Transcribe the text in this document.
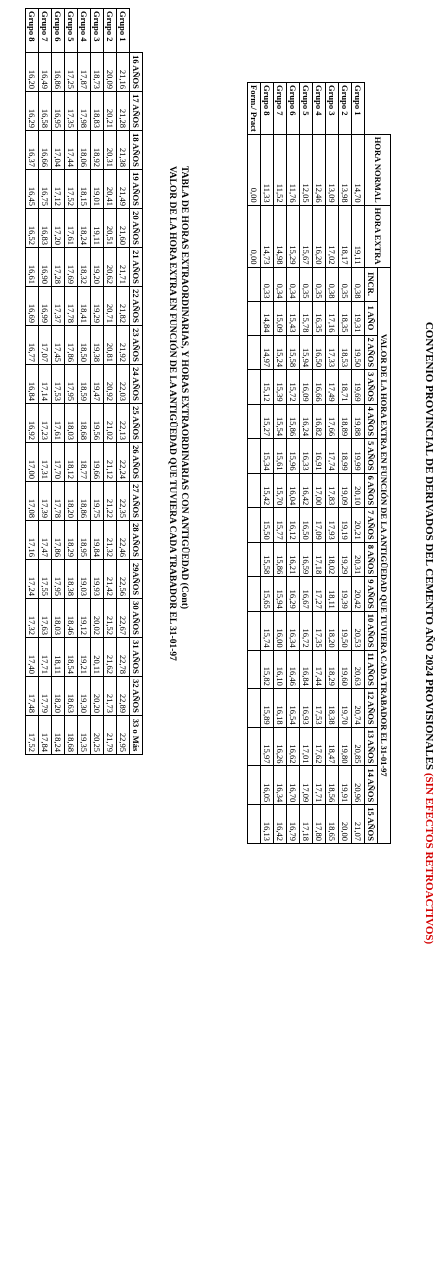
CONVENIO PROVINCIAL DE DERIVADOS DEL CEMENTO AÑO 2024 PROVISIONALES (SIN EFECTOS RETROACTIVOS)
	HORA NORMAL	HORA EXTRA	VALOR DE LA HORA EXTRA EN FUNCIÓN DE LA ANTIGÜEDAD QUE TUVIERA CADA TRABADOR EL 31-01-97															
			INCR.	1 AÑO	2 AÑOS	3 AÑOS	4 AÑOS	5 AÑOS	6 AÑOS	7 AÑOS	8 AÑOS	9 AÑOS	10 AÑOS	11 AÑOS	12 AÑOS	13 AÑOS	14 AÑOS	15 AÑOS
Grupo 1	14,70	19,11	0,38	19,31	19,50	19,69	19,88	19,99	20,10	20,21	20,31	20,42	20,53	20,63	20,74	20,85	20,96	21,07
Grupo 2	13,98	18,17	0,35	18,35	18,53	18,71	18,89	18,99	19,09	19,19	19,29	19,39	19,50	19,60	19,70	19,80	19,91	20,00
Grupo 3	13,09	17,02	0,38	17,16	17,33	17,49	17,66	17,74	17,83	17,93	18,02	18,11	18,20	18,29	18,38	18,47	18,56	18,65
Grupo 4	12,46	16,20	0,35	16,35	16,50	16,66	16,82	16,91	17,00	17,09	17,18	17,27	17,35	17,44	17,53	17,62	17,71	17,80
Grupo 5	12,05	15,67	0,35	15,78	15,94	16,09	16,24	16,33	16,42	16,50	16,59	16,67	16,72	16,84	16,93	17,01	17,09	17,18
Grupo 6	11,76	15,29	0,34	15,43	15,58	15,72	15,86	15,96	16,04	16,12	16,21	16,29	16,34	16,46	16,54	16,62	16,70	16,79
Grupo 7	11,52	14,98	0,34	15,09	15,24	15,39	15,54	15,61	15,70	15,77	15,86	15,94	16,00	16,10	16,18	16,26	16,34	16,42
Grupo 8	11,33	14,73	0,33	14,84	14,97	15,12	15,27	15,34	15,42	15,50	15,58	15,65	15,74	15,82	15,89	15,97	16,05	16,13
Form./ Pract	0,00	0,00																
TABLA DE HORAS EXTRAORDINARIAS, Y HORAS EXTRAORDINARIAS CON ANTIGÜEDAD (Cont)
VALOR DE LA HORA EXTRA EN FUNCIÓN DE LA ANTIGÜEDAD QUE TUVIERA CADA TRABADOR EL 31-01-97
	16 AÑOS	17 AÑOS	18 AÑOS	19 AÑOS	20 AÑOS	21 AÑOS	22 AÑOS	23 AÑOS	24 AÑOS	25 AÑOS	26 AÑOS	27 AÑOS	28 AÑOS	29AÑOS	30 AÑOS	31 AÑOS	32 AÑOS	33 o Más
Grupo 1	21,16	21,28	21,38	21,49	21,60	21,71	21,82	21,92	22,03	22,13	22,24	22,35	22,46	22,56	22,67	22,78	22,89	22,95
Grupo 2	20,09	20,21	20,31	20,41	20,51	20,62	20,71	20,81	20,92	21,02	21,12	21,22	21,32	21,42	21,52	21,62	21,73	21,79
Grupo 3	18,73	18,83	18,92	19,01	19,11	19,20	19,29	19,38	19,47	19,56	19,66	19,75	19,84	19,93	20,02	20,11	20,20	20,25
Grupo 4	17,87	17,98	18,06	18,15	18,24	18,32	18,41	18,50	18,59	18,68	18,77	18,86	18,95	19,03	19,12	19,21	19,30	19,35
Grupo 5	17,25	17,35	17,44	17,52	17,61	17,69	17,78	17,86	17,95	18,03	18,12	18,20	18,29	18,38	18,46	18,54	18,63	18,68
Grupo 6	16,86	16,95	17,04	17,12	17,20	17,28	17,37	17,45	17,53	17,61	17,70	17,78	17,86	17,95	18,03	18,11	18,20	18,24
Grupo 7	16,49	16,58	16,66	16,75	16,83	16,90	16,99	17,07	17,14	17,23	17,31	17,39	17,47	17,55	17,63	17,71	17,79	17,84
Grupo 8	16,20	16,29	16,37	16,45	16,52	16,61	16,69	16,77	16,84	16,92	17,00	17,08	17,16	17,24	17,32	17,40	17,48	17,52
